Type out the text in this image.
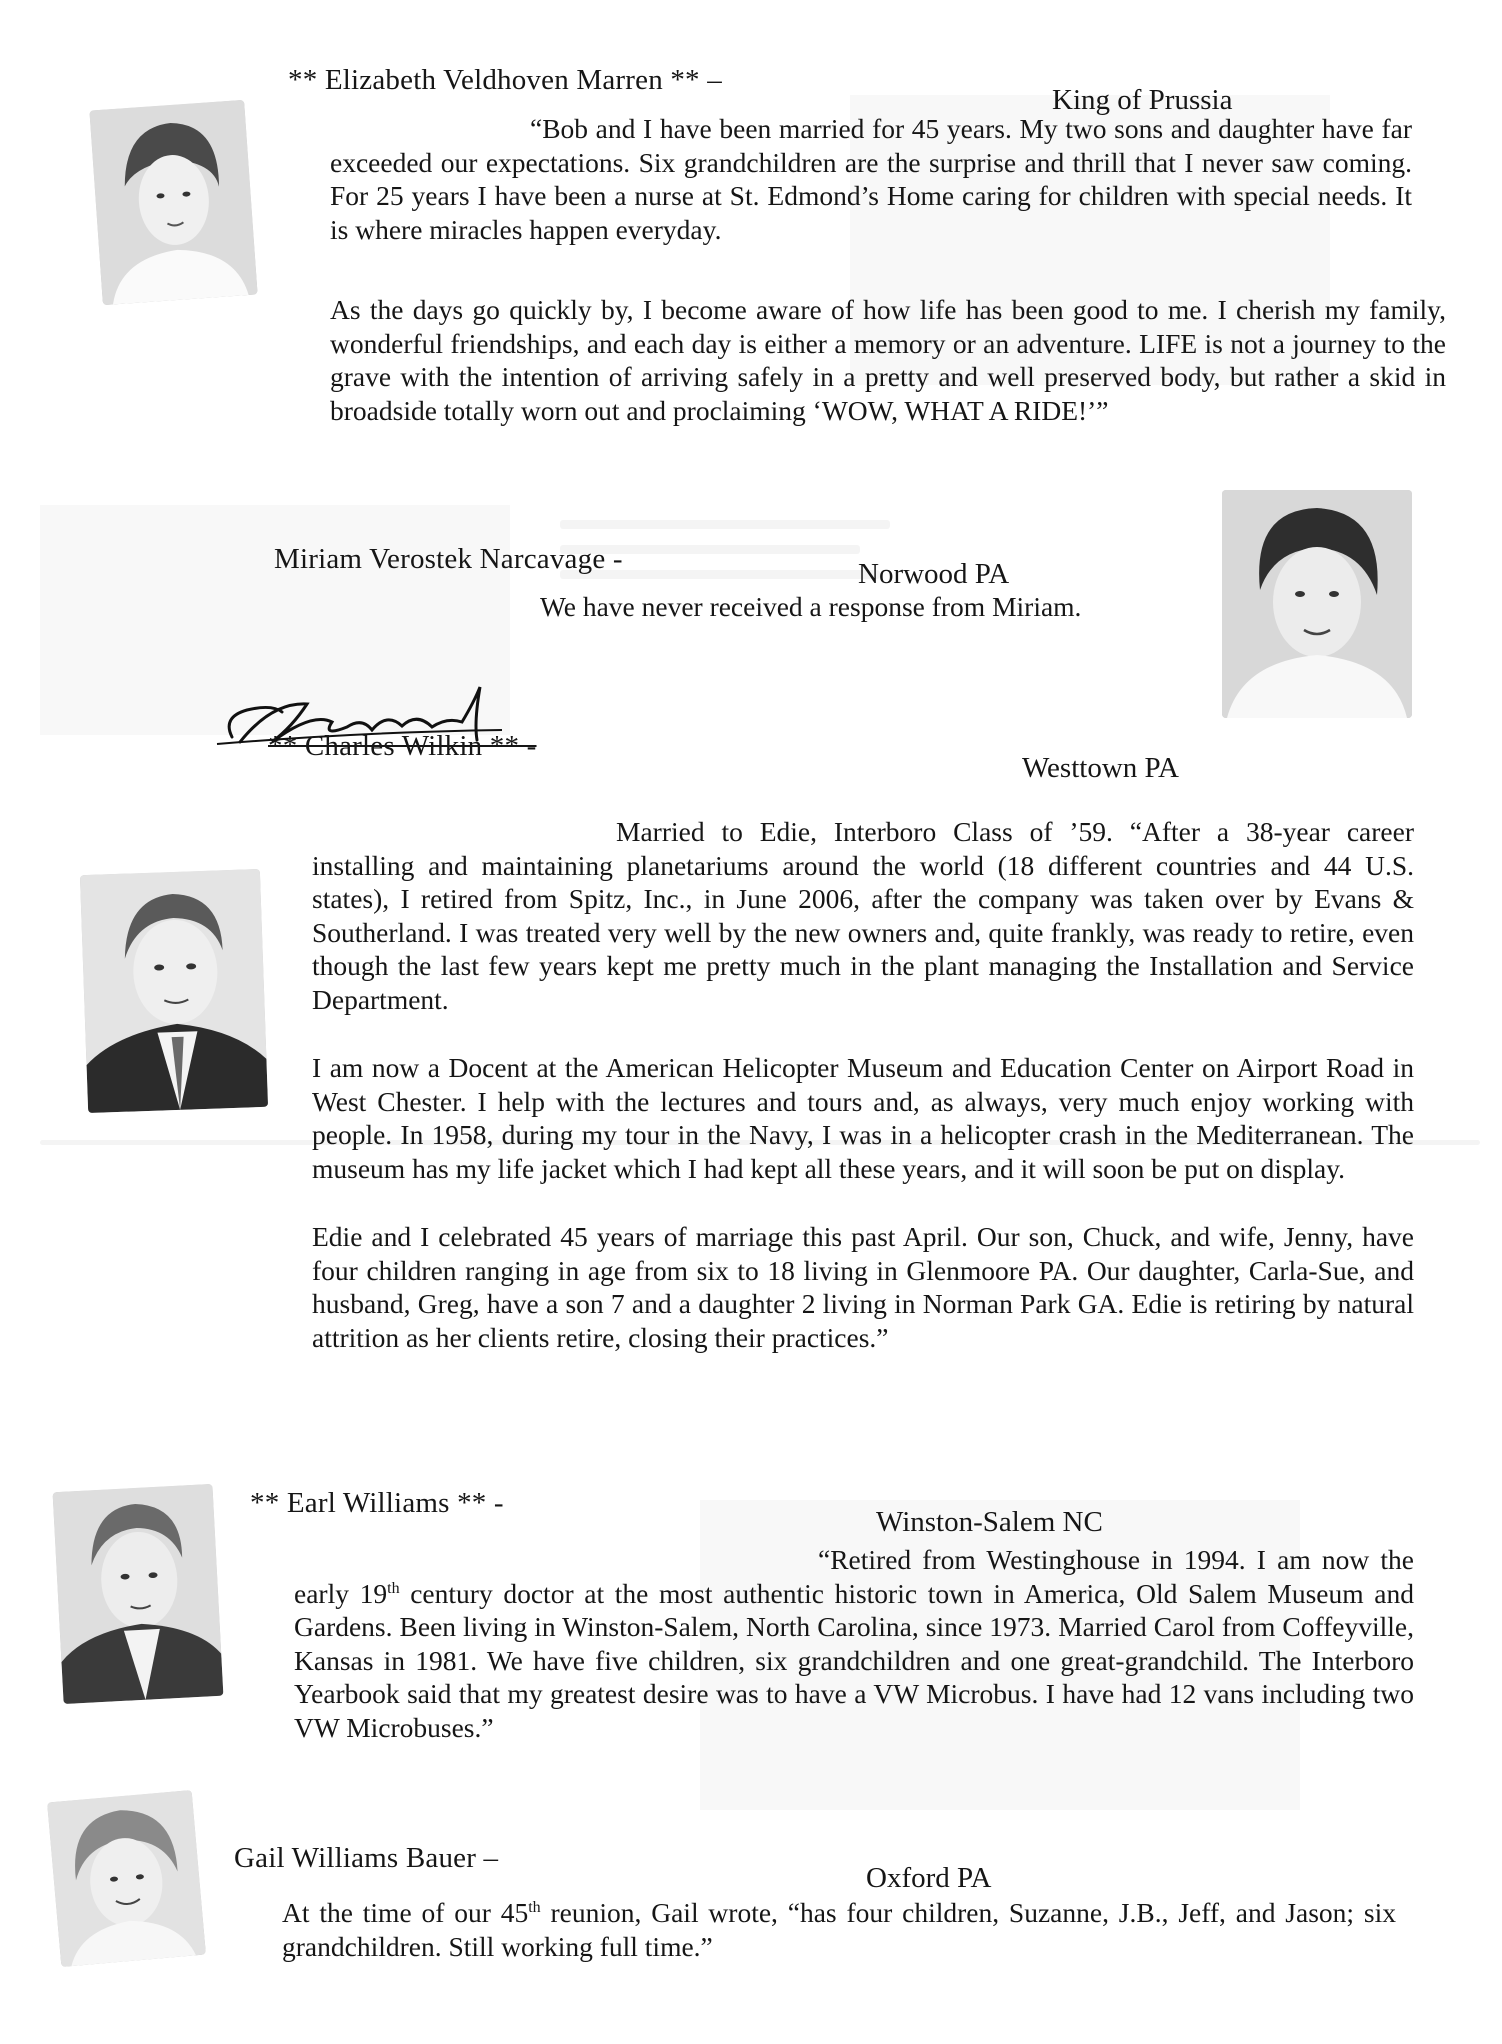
** Elizabeth Veldhoven Marren ** –
King of Prussia

“Bob and I have been married for 45 years. My two sons and daughter have far exceeded our expectations. Six grandchildren are the surprise and thrill that I never saw coming. For 25 years I have been a nurse at St. Edmond’s Home caring for children with special needs. It is where miracles happen everyday.

As the days go quickly by, I become aware of how life has been good to me. I cherish my family, wonderful friendships, and each day is either a memory or an adventure. LIFE is not a journey to the grave with the intention of arriving safely in a pretty and well preserved body, but rather a skid in broadside totally worn out and proclaiming ‘WOW, WHAT A RIDE!’”

Miriam Verostek Narcavage -	Norwood PA

We have never received a response from Miriam.

** Charles Wilkin ** -
Westtown PA

Married to Edie, Interboro Class of ’59. “After a 38-year career installing and maintaining planetariums around the world (18 different countries and 44 U.S. states), I retired from Spitz, Inc., in June 2006, after the company was taken over by Evans & Southerland. I was treated very well by the new owners and, quite frankly, was ready to retire, even though the last few years kept me pretty much in the plant managing the Installation and Service Department.

I am now a Docent at the American Helicopter Museum and Education Center on Airport Road in West Chester. I help with the lectures and tours and, as always, very much enjoy working with people. In 1958, during my tour in the Navy, I was in a helicopter crash in the Mediterranean. The museum has my life jacket which I had kept all these years, and it will soon be put on display.

Edie and I celebrated 45 years of marriage this past April. Our son, Chuck, and wife, Jenny, have four children ranging in age from six to 18 living in Glenmoore PA. Our daughter, Carla-Sue, and husband, Greg, have a son 7 and a daughter 2 living in Norman Park GA. Edie is retiring by natural attrition as her clients retire, closing their practices.”

** Earl Williams ** -
Winston-Salem NC

“Retired from Westinghouse in 1994. I am now the early 19th century doctor at the most authentic historic town in America, Old Salem Museum and Gardens. Been living in Winston-Salem, North Carolina, since 1973. Married Carol from Coffeyville, Kansas in 1981. We have five children, six grandchildren and one great-grandchild. The Interboro Yearbook said that my greatest desire was to have a VW Microbus. I have had 12 vans including two VW Microbuses.”

Gail Williams Bauer –
Oxford PA

At the time of our 45th reunion, Gail wrote, “has four children, Suzanne, J.B., Jeff, and Jason; six grandchildren. Still working full time.”
